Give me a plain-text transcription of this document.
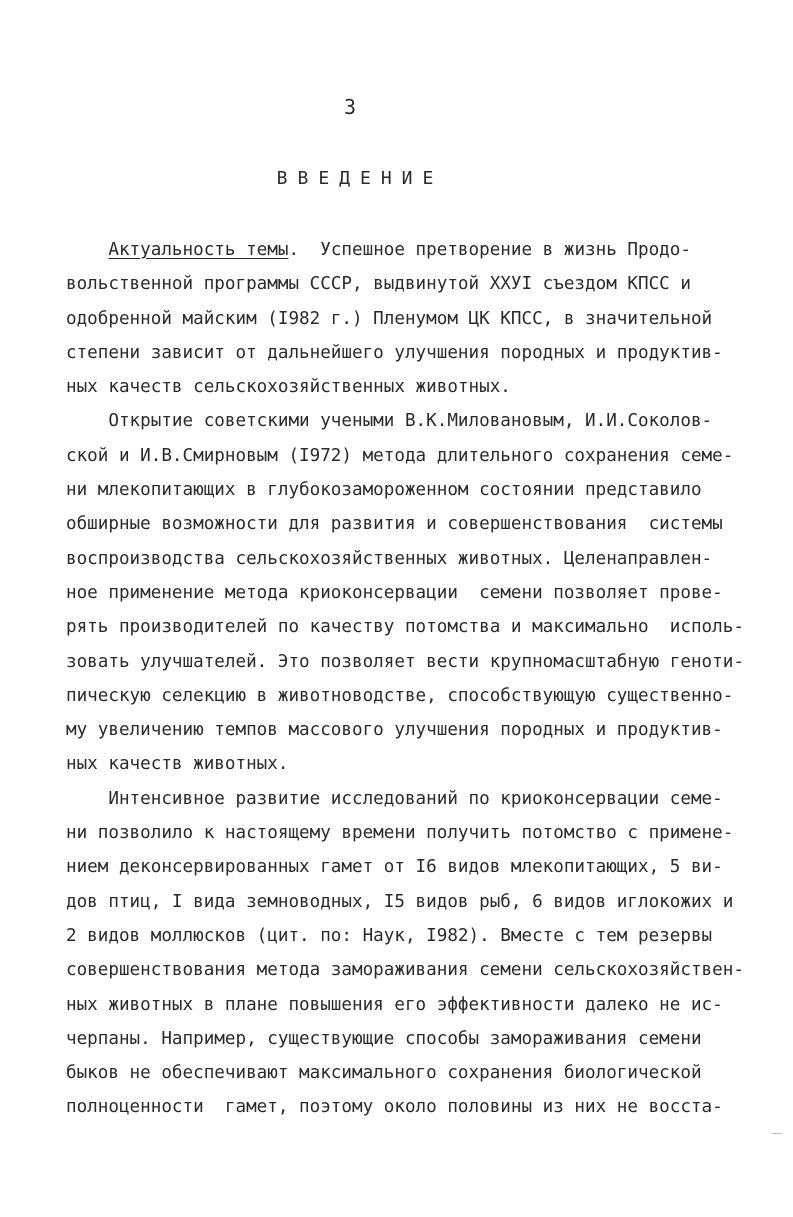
3

ВВЕДЕНИЕ
Актуальность темы.  Успешное претворение в жизнь Продо-
вольственной программы СССР, выдвинутой ХХУI съездом КПСС и
одобренной майским (I982 г.) Пленумом ЦК КПСС, в значительной
степени зависит от дальнейшего улучшения породных и продуктив-
ных качеств сельскохозяйственных животных.
Открытие советскими учеными В.К.Милованoвым, И.И.Соколов-
ской и И.В.Смирновым (I972) метода длительного сохранения семе-
ни млекопитающих в глубокозамороженном состоянии представило
обширные возможности для развития и совершенствования  системы
воспроизводства сельскохозяйственных животных. Целенаправлен-
ное применение метода криоконсервации  семени позволяет прове-
рять производителей по качеству потомства и максимально  исполь-
зовать улучшателей. Это позволяет вести крупномасштабную геноти-
пическую селекцию в животноводстве, способствующую существенно-
му увеличению темпов массового улучшения породных и продуктив-
ных качеств животных.
Интенсивное развитие исследований по криоконсервации семе-
ни позволило к настоящему времени получить потомство с примене-
нием деконсервированных гамет от I6 видов млекопитающих, 5 ви-
дов птиц, I вида земноводных, I5 видов рыб, 6 видов иглокожих и
2 видов моллюсков (цит. по: Наук, I982). Вместе с тем резервы
совершенствования метода замораживания семени сельскохозяйствен-
ных животных в плане повышения его эффективности далеко не ис-
черпаны. Например, существующие способы замораживания семени
быков не обеспечивают максимального сохранения биологической
полноценности  гамет, поэтому около половины из них не восста-
